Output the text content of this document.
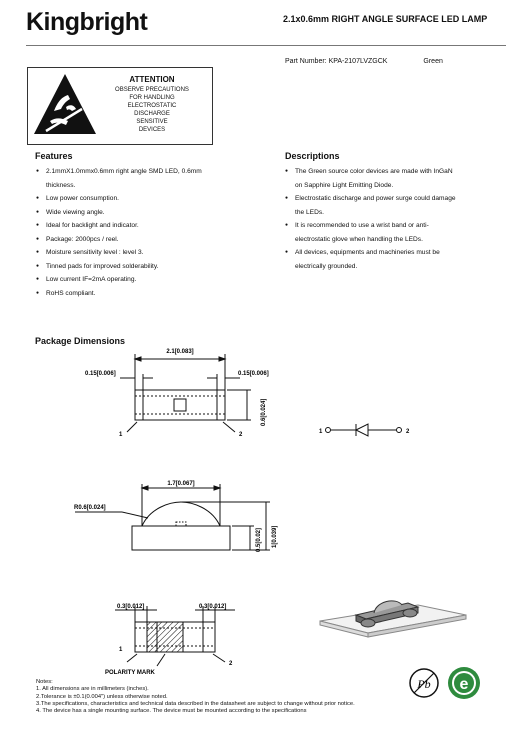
Kingbright	2.1x0.6mm RIGHT ANGLE SURFACE LED LAMP
Part Number: KPA-2107LVZGCK	Green
ATTENTION
OBSERVE PRECAUTIONS
FOR HANDLING
ELECTROSTATIC
DISCHARGE
SENSITIVE
DEVICES
Features
● 2.1mmX1.0mmx0.6mm right angle SMD LED, 0.6mm
thickness.
● Low power consumption.
● Wide viewing angle.
● Ideal for backlight and indicator.
● Package: 2000pcs / reel.
● Moisture sensitivity level : level 3.
● Tinned pads for improved solderability.
● Low current IF=2mA operating.
● RoHS compliant.
Descriptions
● The Green source color devices are made with InGaN
on Sapphire Light Emitting Diode.
● Electrostatic discharge and power surge could damage
the LEDs.
● It is recommended to use a wrist band or anti-
electrostatic glove when handling the LEDs.
● All devices, equipments and machineries must be
electrically grounded.
Package Dimensions
2.1[0.083]
0.15[0.006]	0.15[0.006]
0.6[0.024]
1	2	1	2
1.7[0.067]
R0.6[0.024]
0.5[0.02] 1[0.039]
0.3[0.012]	0.3[0.012]
1
2
POLARITY MARK
Notes:
1. All dimensions are in millimeters (inches).
2.Tolerance is ±0.1(0.004") unless otherwise noted.
3.The specifications, characteristics and technical data described in the datasheet are subject to change without prior notice.
4. The device has a single mounting surface. The device must be mounted according to the specifications
Pb e
